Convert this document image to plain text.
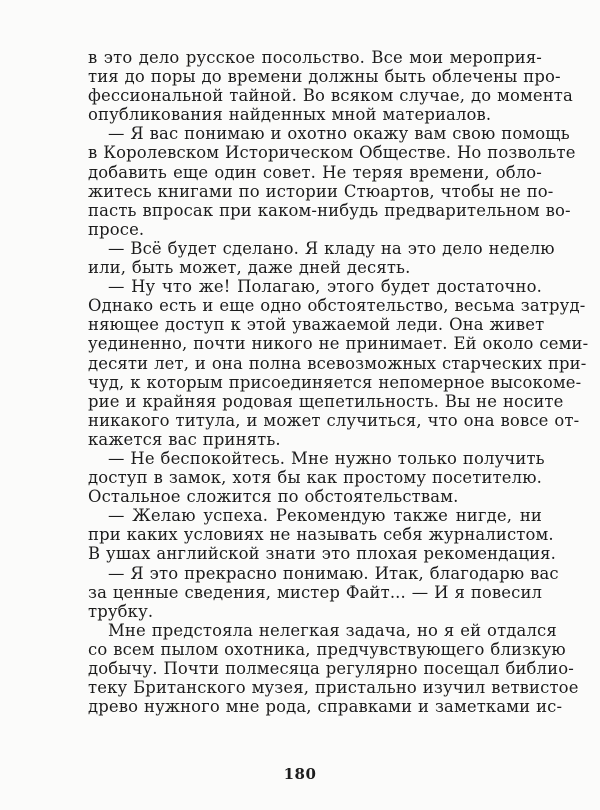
в это дело русское посольство. Все мои мероприя-
тия до поры до времени должны быть облечены про-
фессиональной тайной. Во всяком случае, до момента
опубликования найденных мной материалов.
— Я вас понимаю и охотно окажу вам свою помощь
в Королевском Историческом Обществе. Но позвольте
добавить еще один совет. Не теряя времени, обло-
житесь книгами по истории Стюартов, чтобы не по-
пасть впросак при каком-нибудь предварительном во-
просе.
— Всё будет сделано. Я кладу на это дело неделю
или, быть может, даже дней десять.
— Ну что же! Полагаю, этого будет достаточно.
Однако есть и еще одно обстоятельство, весьма затруд-
няющее доступ к этой уважаемой леди. Она живет
уединенно, почти никого не принимает. Ей около семи-
десяти лет, и она полна всевозможных старческих при-
чуд, к которым присоединяется непомерное высокоме-
рие и крайняя родовая щепетильность. Вы не носите
никакого титула, и может случиться, что она вовсе от-
кажется вас принять.
— Не беспокойтесь. Мне нужно только получить
доступ в замок, хотя бы как простому посетителю.
Остальное сложится по обстоятельствам.
— Желаю успеха. Рекомендую также нигде, ни
при каких условиях не называть себя журналистом.
В ушах английской знати это плохая рекомендация.
— Я это прекрасно понимаю. Итак, благодарю вас
за ценные сведения, мистер Файт... — И я повесил
трубку.
Мне предстояла нелегкая задача, но я ей отдался
со всем пылом охотника, предчувствующего близкую
добычу. Почти полмесяца регулярно посещал библио-
теку Британского музея, пристально изучил ветвистое
древо нужного мне рода, справками и заметками ис-
180
